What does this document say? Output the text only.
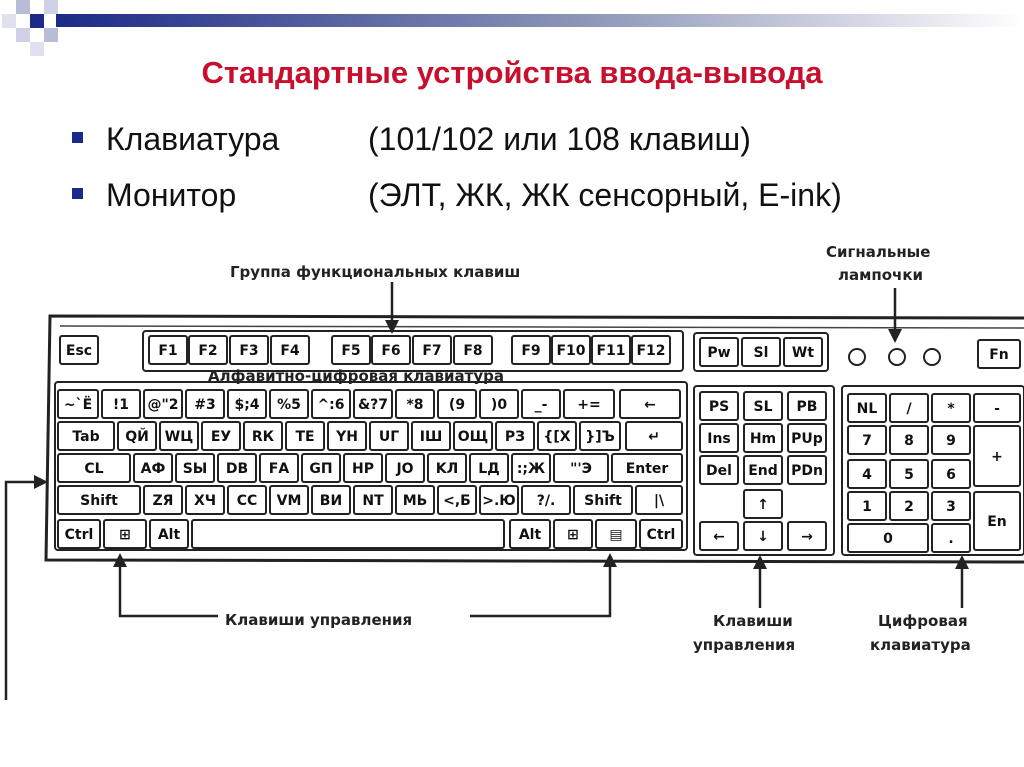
Стандартные устройства ввода-вывода
Клавиатура	(101/102 или 108 клавиш)
Монитор	(ЭЛТ, ЖК, ЖК сенсорный, E-ink)
Группа функциональных клавиш
Сигнальные
лампочки
Алфавитно-цифровая клавиатура
Клавиши управления	Клавиши
управления
Цифровая
клавиатура
Esc	F1 F2 F3 F4	F5 F6 F7 F8	F9 F10 F11 F12	Pw Sl Wt
~`Ё !1 @"2 #3 $;4 %5 ^:6 &?7 *8 (9 )0 _- +=	←
Tab QЙ WЦ EУ RК TЕ YН UГ IШ OЩ PЗ {[Х }]Ъ ↵
CL	AФ SЫ DВ FА GП HР JО KЛ LД :;Ж "'Э Enter
Shift ZЯ XЧ CС VМ BИ NТ MЬ <,Б >.Ю ?/. Shift |\
Ctrl ⊞ Alt	Alt ⊞ ▤ Ctrl
PS SL PB
Ins Hm PUp
Del End PDn
↑
← ↓ →
NL /	*	-
7 8 9
+
4 5 6
1 2 3
En
0	.
Fn
